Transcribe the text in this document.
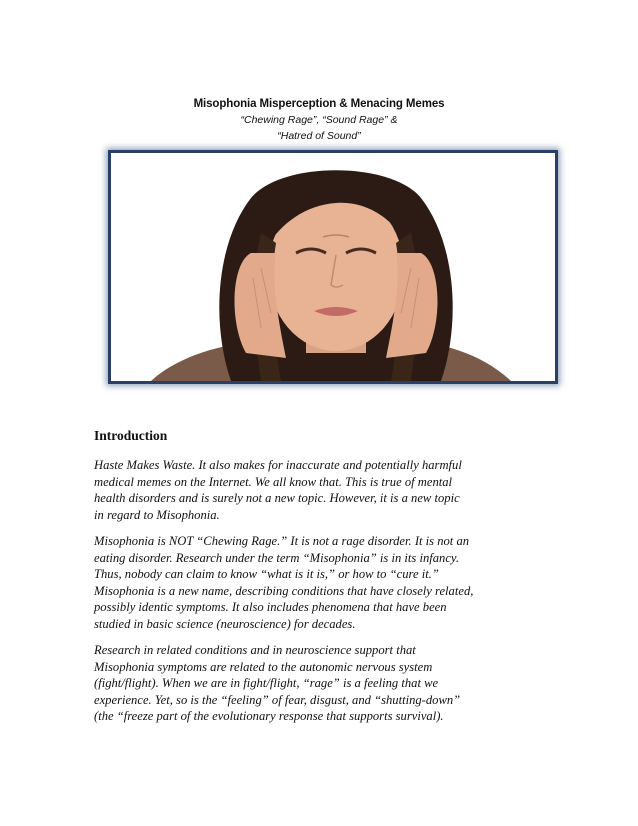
Misophonia Misperception & Menacing Memes
“Chewing Rage”, “Sound Rage” &
“Hatred of Sound”
Introduction

Haste Makes Waste. It also makes for inaccurate and potentially harmful
medical memes on the Internet. We all know that. This is true of mental
health disorders and is surely not a new topic. However, it is a new topic
in regard to Misophonia.

Misophonia is NOT “Chewing Rage.” It is not a rage disorder. It is not an
eating disorder. Research under the term “Misophonia” is in its infancy.
Thus, nobody can claim to know “what is it is,” or how to “cure it.”
Misophonia is a new name, describing conditions that have closely related,
possibly identic symptoms. It also includes phenomena that have been
studied in basic science (neuroscience) for decades.

Research in related conditions and in neuroscience support that
Misophonia symptoms are related to the autonomic nervous system
(fight/flight). When we are in fight/flight, “rage” is a feeling that we
experience. Yet, so is the “feeling” of fear, disgust, and “shutting-down”
(the “freeze part of the evolutionary response that supports survival).
